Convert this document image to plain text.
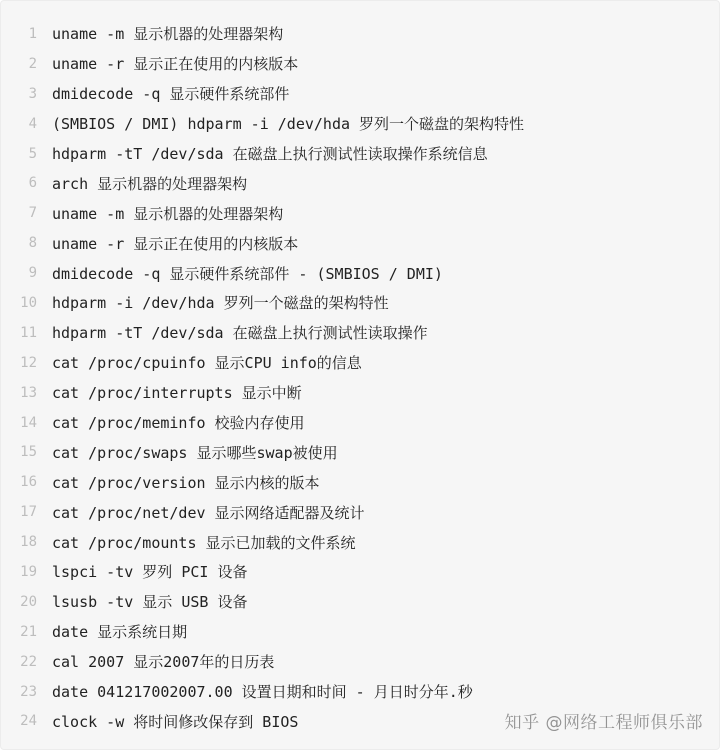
1 uname -m 显示机器的处理器架构
2 uname -r 显示正在使用的内核版本
3 dmidecode -q 显示硬件系统部件
4 (SMBIOS / DMI) hdparm -i /dev/hda 罗列一个磁盘的架构特性
5 hdparm -tT /dev/sda 在磁盘上执行测试性读取操作系统信息
6 arch 显示机器的处理器架构
7 uname -m 显示机器的处理器架构
8 uname -r 显示正在使用的内核版本
9 dmidecode -q 显示硬件系统部件 - (SMBIOS / DMI)
10 hdparm -i /dev/hda 罗列一个磁盘的架构特性
11 hdparm -tT /dev/sda 在磁盘上执行测试性读取操作
12 cat /proc/cpuinfo 显示CPU info的信息
13 cat /proc/interrupts 显示中断
14 cat /proc/meminfo 校验内存使用
15 cat /proc/swaps 显示哪些swap被使用
16 cat /proc/version 显示内核的版本
17 cat /proc/net/dev 显示网络适配器及统计
18 cat /proc/mounts 显示已加载的文件系统
19 lspci -tv 罗列 PCI 设备
20 lsusb -tv 显示 USB 设备
21 date 显示系统日期
22 cal 2007 显示2007年的日历表
23 date 041217002007.00 设置日期和时间 - 月日时分年.秒
24 clock -w 将时间修改保存到 BIOS	知乎 @网络工程师俱乐部
